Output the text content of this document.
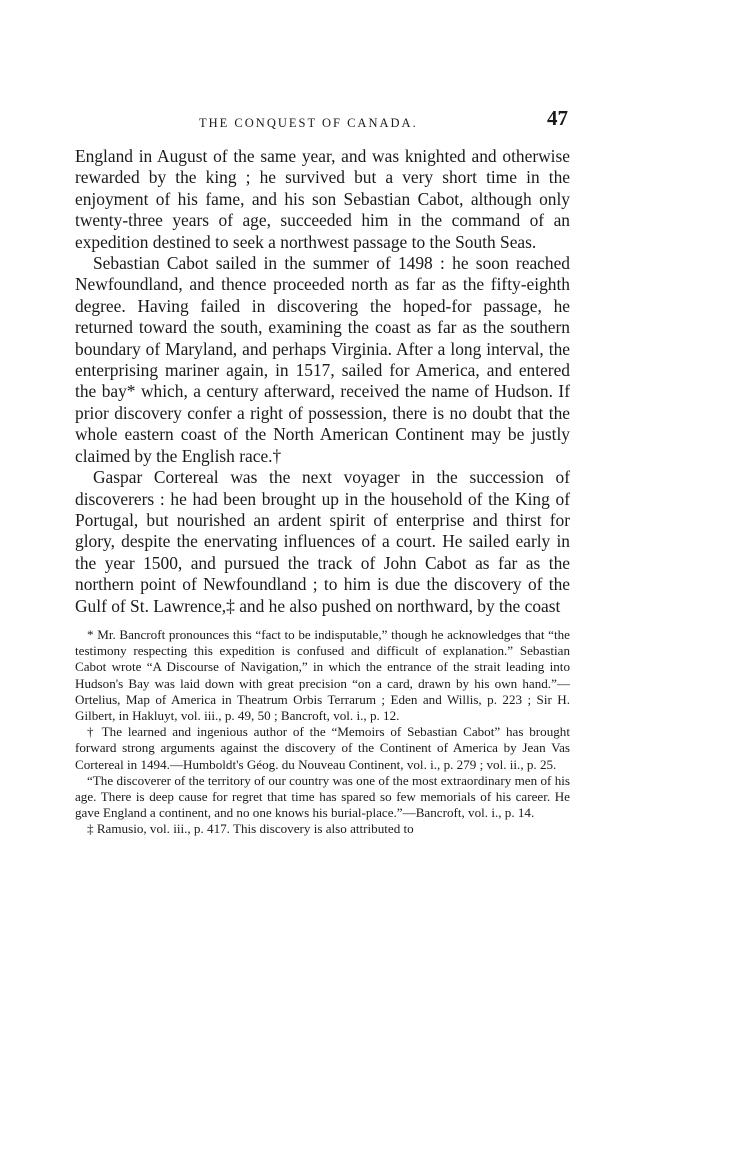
THE CONQUEST OF CANADA.	47

England in August of the same year, and was knighted and otherwise rewarded by the king ; he survived but a very short time in the enjoyment of his fame, and his son Sebastian Cabot, although only twenty-three years of age, succeeded him in the command of an expedition destined to seek a northwest passage to the South Seas.

Sebastian Cabot sailed in the summer of 1498 : he soon reached Newfoundland, and thence proceeded north as far as the fifty-eighth degree. Having failed in discovering the hoped-for passage, he returned toward the south, examining the coast as far as the southern boundary of Maryland, and perhaps Virginia. After a long interval, the enterprising mariner again, in 1517, sailed for America, and entered the bay* which, a century afterward, received the name of Hudson. If prior discovery confer a right of possession, there is no doubt that the whole eastern coast of the North American Continent may be justly claimed by the English race.†

Gaspar Cortereal was the next voyager in the succession of discoverers : he had been brought up in the household of the King of Portugal, but nourished an ardent spirit of enterprise and thirst for glory, despite the enervating influences of a court. He sailed early in the year 1500, and pursued the track of John Cabot as far as the northern point of Newfoundland ; to him is due the discovery of the Gulf of St. Lawrence,‡ and he also pushed on northward, by the coast

* Mr. Bancroft pronounces this “fact to be indisputable,” though he acknowledges that “the testimony respecting this expedition is confused and difficult of explanation.” Sebastian Cabot wrote “A Discourse of Navigation,” in which the entrance of the strait leading into Hudson's Bay was laid down with great precision “on a card, drawn by his own hand.”—Ortelius, Map of America in Theatrum Orbis Terrarum ; Eden and Willis, p. 223 ; Sir H. Gilbert, in Hakluyt, vol. iii., p. 49, 50 ; Bancroft, vol. i., p. 12.

† The learned and ingenious author of the “Memoirs of Sebastian Cabot” has brought forward strong arguments against the discovery of the Continent of America by Jean Vas Cortereal in 1494.—Humboldt's Géog. du Nouveau Continent, vol. i., p. 279 ; vol. ii., p. 25.

“The discoverer of the territory of our country was one of the most extraordinary men of his age. There is deep cause for regret that time has spared so few memorials of his career. He gave England a continent, and no one knows his burial-place.”—Bancroft, vol. i., p. 14.

‡ Ramusio, vol. iii., p. 417. This discovery is also attributed to
